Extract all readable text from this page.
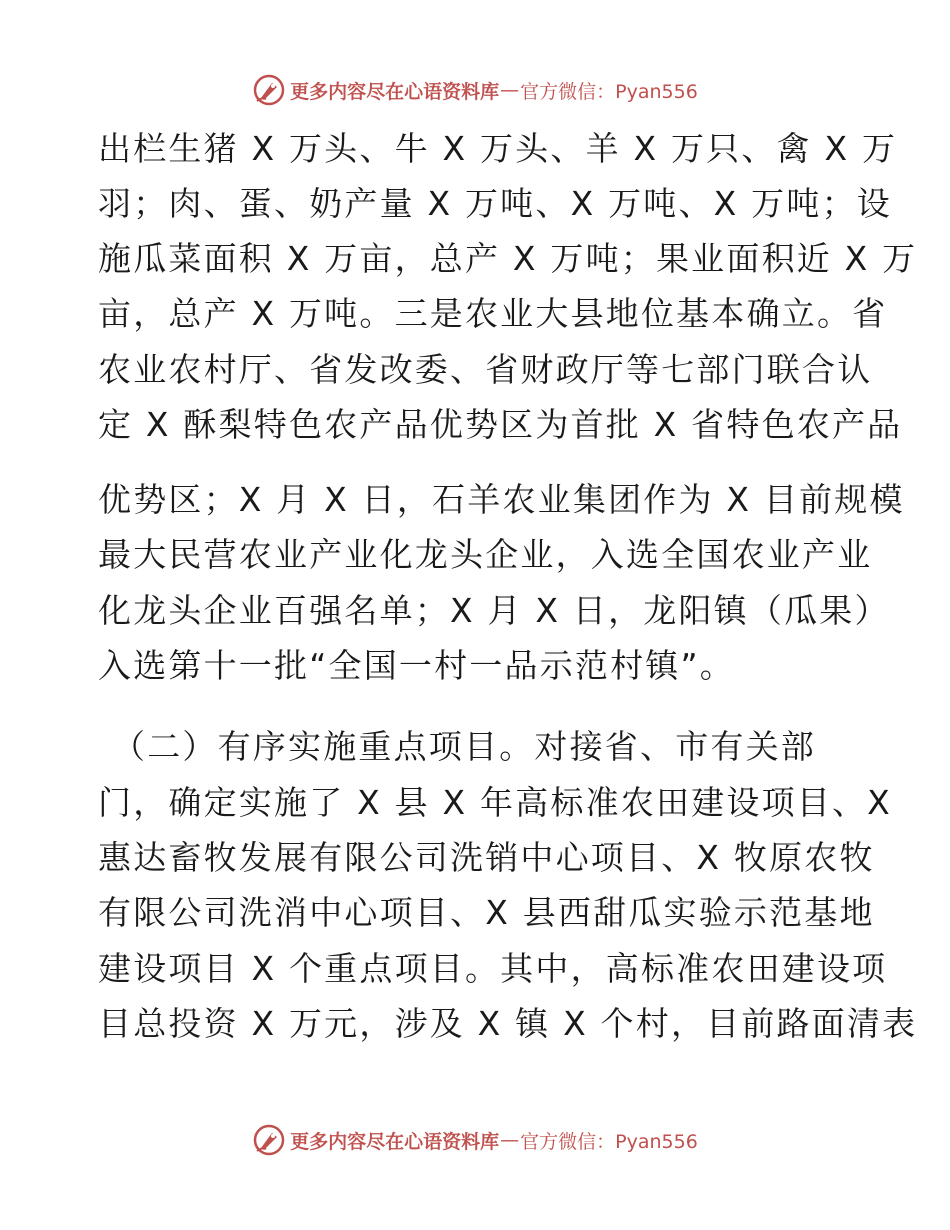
更多内容尽在心语资料库 — 官方微信：Pyan556
出栏生猪 X 万头、牛 X 万头、羊 X 万只、禽 X 万
羽；肉、蛋、奶产量 X 万吨、X 万吨、X 万吨；设
施瓜菜面积 X 万亩，总产 X 万吨；果业面积近 X 万
亩，总产 X 万吨。三是农业大县地位基本确立。省
农业农村厅、省发改委、省财政厅等七部门联合认
定 X 酥梨特色农产品优势区为首批 X 省特色农产品
优势区；X 月 X 日，石羊农业集团作为 X 目前规模
最大民营农业产业化龙头企业，入选全国农业产业
化龙头企业百强名单；X 月 X 日，龙阳镇（瓜果）
入选第十一批“全国一村一品示范村镇”。
（二）有序实施重点项目。对接省、市有关部
门，确定实施了 X 县 X 年高标准农田建设项目、X
惠达畜牧发展有限公司洗销中心项目、X 牧原农牧
有限公司洗消中心项目、X 县西甜瓜实验示范基地
建设项目 X 个重点项目。其中，高标准农田建设项
目总投资 X 万元，涉及 X 镇 X 个村，目前路面清表
更多内容尽在心语资料库 — 官方微信：Pyan556
